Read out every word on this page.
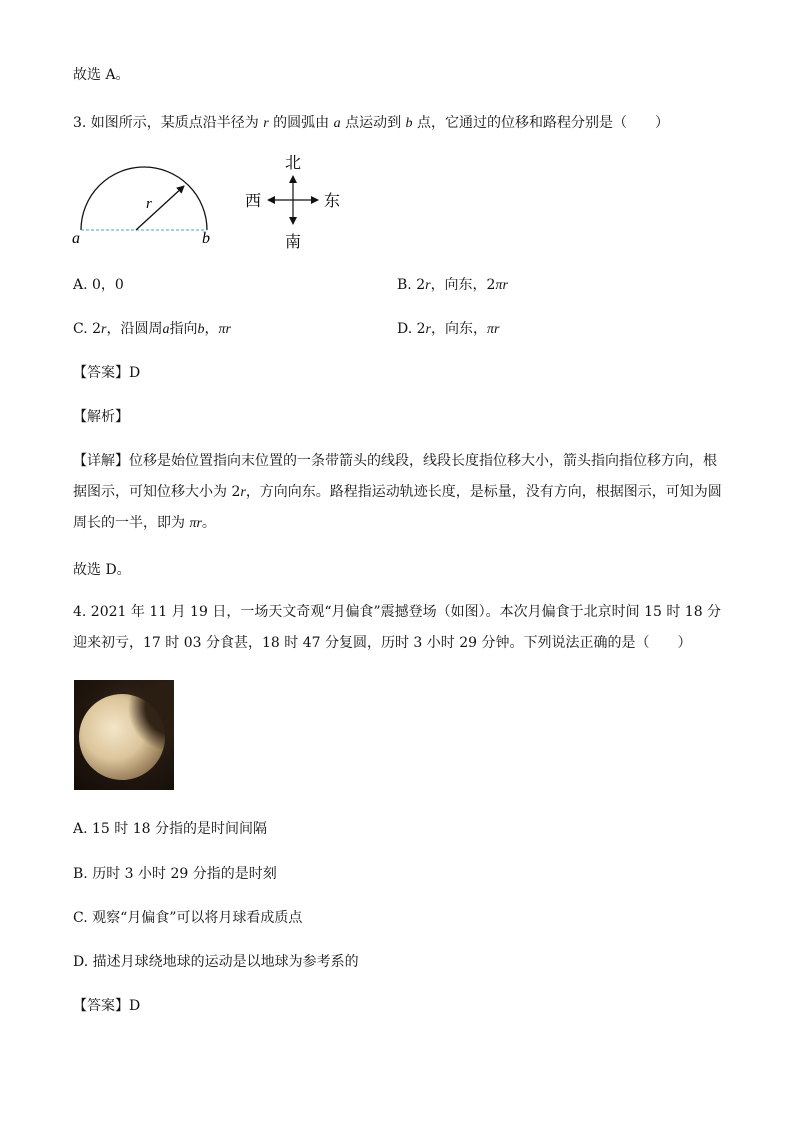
故选 A。
3. 如图所示，某质点沿半径为 r 的圆弧由 a 点运动到 b 点，它通过的位移和路程分别是（　　）
r
a	b
北
南
东
西
A. 0，0	B. 2r，向东，2πr
C. 2r，沿圆周a指向b，πr	D. 2r，向东，πr
【答案】D
【解析】
【详解】位移是始位置指向末位置的一条带箭头的线段，线段长度指位移大小，箭头指向指位移方向，根据图示，可知位移大小为 2r，方向向东。路程指运动轨迹长度，是标量，没有方向，根据图示，可知为圆周长的一半，即为 πr。
故选 D。
4. 2021 年 11 月 19 日，一场天文奇观“月偏食”震撼登场（如图）。本次月偏食于北京时间 15 时 18 分迎来初亏，17 时 03 分食甚，18 时 47 分复圆，历时 3 小时 29 分钟。下列说法正确的是（　　）
A. 15 时 18 分指的是时间间隔
B. 历时 3 小时 29 分指的是时刻
C. 观察“月偏食”可以将月球看成质点
D. 描述月球绕地球的运动是以地球为参考系的
【答案】D
